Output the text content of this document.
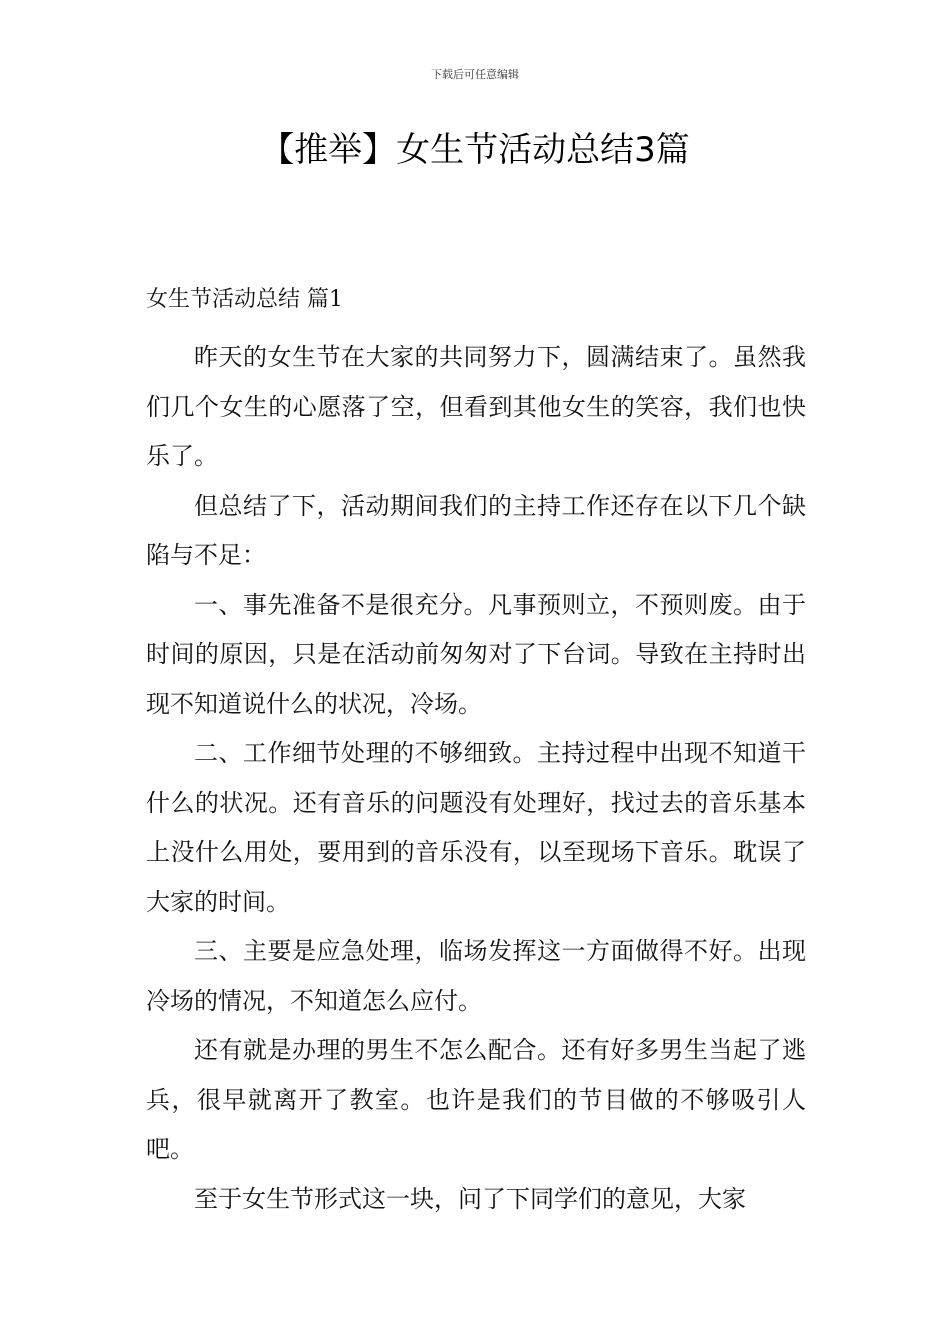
下载后可任意编辑
【推举】女生节活动总结3篇
女生节活动总结 篇1

昨天的女生节在大家的共同努力下，圆满结束了。虽然我们几个女生的心愿落了空，但看到其他女生的笑容，我们也快乐了。

但总结了下，活动期间我们的主持工作还存在以下几个缺陷与不足：

一、事先准备不是很充分。凡事预则立，不预则废。由于时间的原因，只是在活动前匆匆对了下台词。导致在主持时出现不知道说什么的状况，冷场。

二、工作细节处理的不够细致。主持过程中出现不知道干什么的状况。还有音乐的问题没有处理好，找过去的音乐基本上没什么用处，要用到的音乐没有，以至现场下音乐。耽误了大家的时间。

三、主要是应急处理，临场发挥这一方面做得不好。出现冷场的情况，不知道怎么应付。

还有就是办理的男生不怎么配合。还有好多男生当起了逃兵，很早就离开了教室。也许是我们的节目做的不够吸引人吧。

至于女生节形式这一块，问了下同学们的意见，大家
